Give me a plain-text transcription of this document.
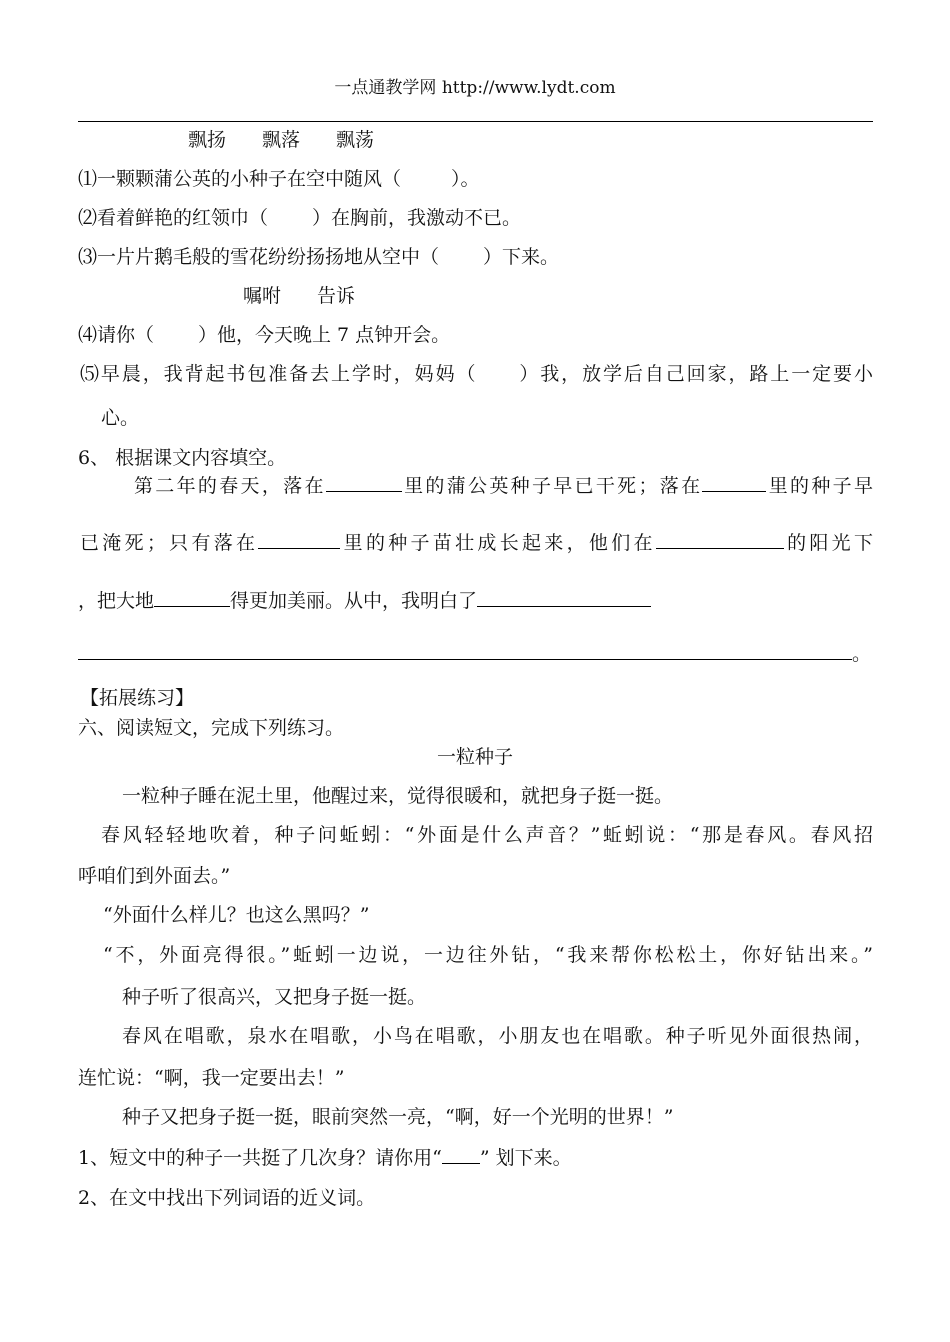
一点通教学网 http://www.lydt.com
飘扬 飘落 飘荡
⑴一颗颗蒲公英的小种子在空中随风（	）。
⑵看着鲜艳的红领巾（ ）在胸前，我激动不已。
⑶一片片鹅毛般的雪花纷纷扬扬地从空中（ ）下来。
嘱咐 告诉
⑷请你（ ）他，今天晚上 7 点钟开会。
⑸早晨，我背起书包准备去上学时，妈妈（ ）我，放学后自己回家，路上一定要小
心。
6、 根据课文内容填空。
第二年的春天，落在	里的蒲公英种子早已干死；落在	里的种子早
已淹死；只有落在	里的种子苗壮成长起来，他们在	的阳光下
，把大地	得更加美丽。从中，我明白了
。
【拓展练习】
六、阅读短文，完成下列练习。
一粒种子
一粒种子睡在泥土里，他醒过来，觉得很暖和，就把身子挺一挺。
春风轻轻地吹着，种子问蚯蚓：“外面是什么声音？”蚯蚓说：“那是春风。春风招
呼咱们到外面去。”
“外面什么样儿？也这么黑吗？”
“不，外面亮得很。”蚯蚓一边说，一边往外钻，“我来帮你松松土，你好钻出来。”
种子听了很高兴，又把身子挺一挺。
春风在唱歌，泉水在唱歌，小鸟在唱歌，小朋友也在唱歌。种子听见外面很热闹，
连忙说：“啊，我一定要出去！”
种子又把身子挺一挺，眼前突然一亮，“啊，好一个光明的世界！”
1、短文中的种子一共挺了几次身？请你用“ ” 划下来。
2、在文中找出下列词语的近义词。
